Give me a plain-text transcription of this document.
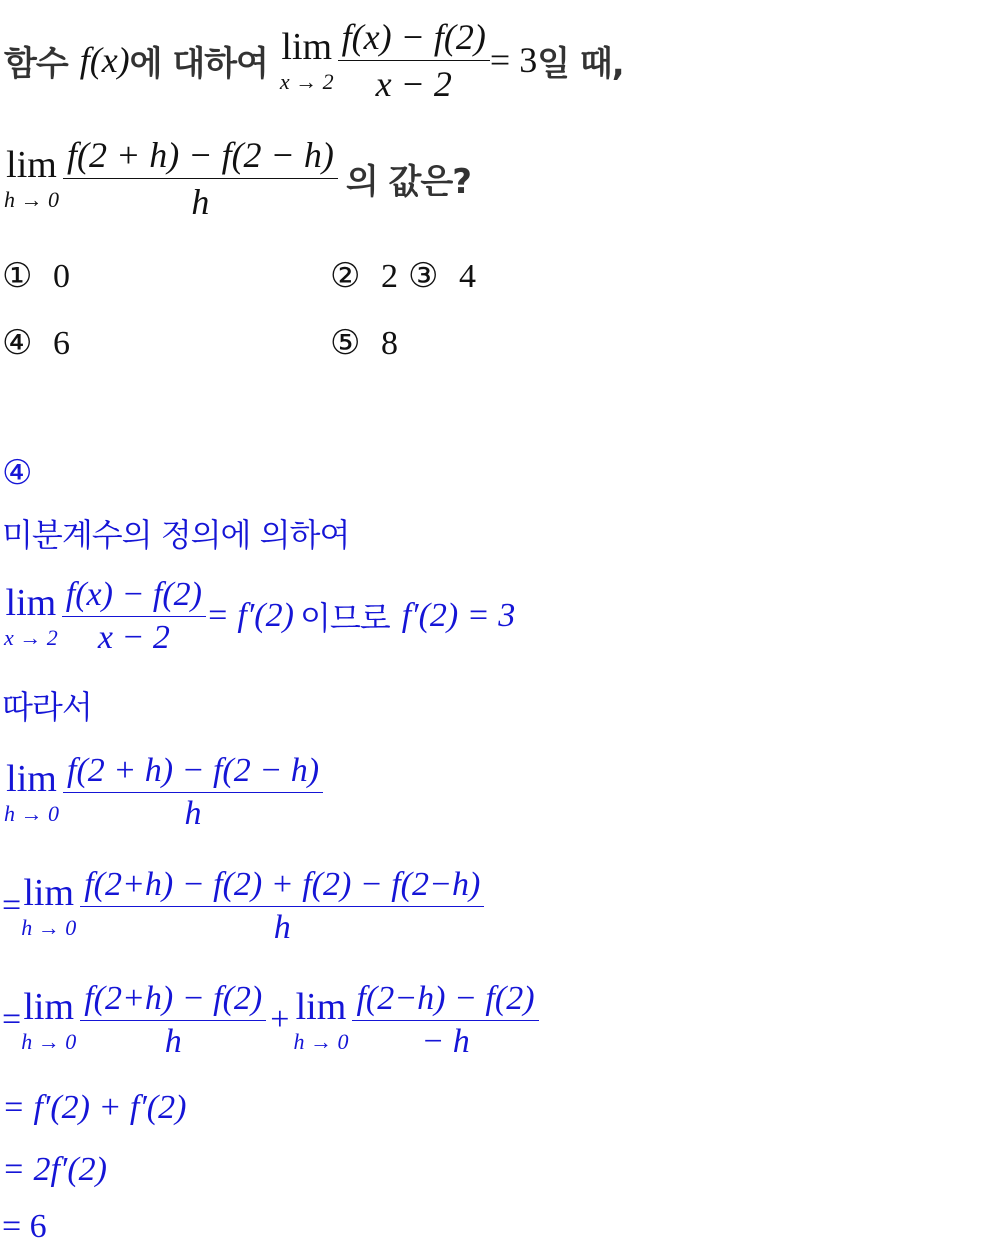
함수 f(x) 에 대하여 lim
$x \to 2 \frac{f(x) - f(2)}{x - 2} = 3$ 일 때,
lim
$h \to 0 \frac{f(2 + h) - f(2 - h)}{h}$ 의 값은?
① 0	② 2 ③ 4
④ 6	⑤ 8
④
미분계수의 정의에 의하여
lim
$x \to 2 \frac{f(x) - f(2)}{x - 2} = f'(2)$ 이므로 f′(2) = 3
따라서
lim
$h \to 0 \frac{f(2 + h) - f(2 - h)}{h}$
= lim
$h \to 0 \frac{f(2+h) - f(2) + f(2) - f(2-h)}{h}$
= lim
$h \to 0 \frac{f(2+h) - f(2)}{h} + \lim$
$h \to 0 \frac{f(2-h) - f(2)}{- h}$
= f′(2) + f′(2)
= 2f′(2)
= 6
